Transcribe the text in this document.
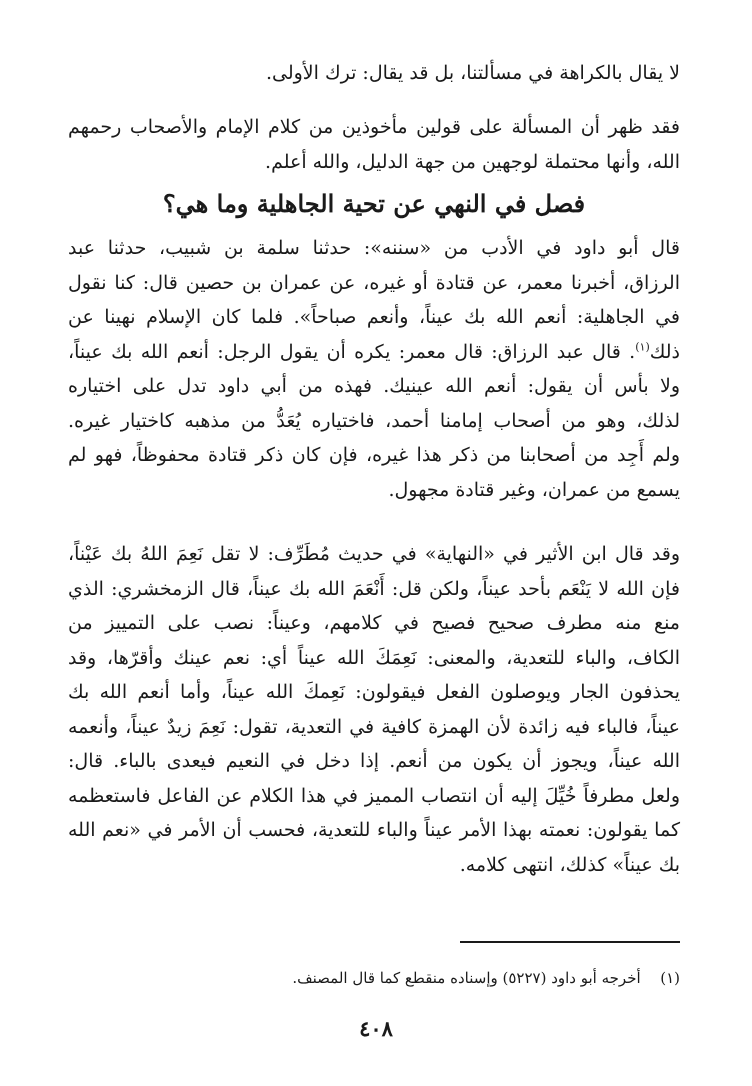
لا يقال بالكراهة في مسألتنا، بل قد يقال: ترك الأولى.

فقد ظهر أن المسألة على قولين مأخوذين من كلام الإمام والأصحاب رحمهم
الله، وأنها محتملة لوجهين من جهة الدليل، والله أعلم.

فصل في النهي عن تحية الجاهلية وما هي؟

قال أبو داود في الأدب من «سننه»: حدثنا سلمة بن شبيب، حدثنا عبد
الرزاق، أخبرنا معمر، عن قتادة أو غيره، عن عمران بن حصين قال: كنا نقول
في الجاهلية: أنعم الله بك عيناً، وأنعم صباحاً». فلما كان الإسلام نهينا عن
ذلك$^{(١)}$. قال عبد الرزاق: قال معمر: يكره أن يقول الرجل: أنعم الله بك عيناً،
ولا بأس أن يقول: أنعم الله عينيك. فهذه من أبي داود تدل على اختياره
لذلك، وهو من أصحاب إمامنا أحمد، فاختياره يُعَدُّ من مذهبه كاختيار غيره.
ولم أَجِد من أصحابنا من ذكر هذا غيره، فإن كان ذكر قتادة محفوظاً، فهو لم
يسمع من عمران، وغير قتادة مجهول.

وقد قال ابن الأثير في «النهاية» في حديث مُطَرِّف: لا تقل نَعِمَ اللهُ بك عَيْناً،
فإن الله لا يَنْعَم بأحد عيناً، ولكن قل: أَنْعَمَ الله بك عيناً، قال الزمخشري: الذي
منع منه مطرف صحيح فصيح في كلامهم، وعيناً: نصب على التمييز من
الكاف، والباء للتعدية، والمعنى: نَعِمَكَ الله عيناً أي: نعم عينك وأقرّها، وقد
يحذفون الجار ويوصلون الفعل فيقولون: نَعِمكَ الله عيناً، وأما أنعم الله بك
عيناً، فالباء فيه زائدة لأن الهمزة كافية في التعدية، تقول: نَعِمَ زيدٌ عيناً، وأنعمه
الله عيناً، ويجوز أن يكون من أنعم. إذا دخل في النعيم فيعدى بالباء. قال:
ولعل مطرفاً خُيِّلَ إليه أن انتصاب المميز في هذا الكلام عن الفاعل فاستعظمه
كما يقولون: نعمته بهذا الأمر عيناً والباء للتعدية، فحسب أن الأمر في «نعم الله
بك عيناً» كذلك، انتهى كلامه.

(١)  أخرجه أبو داود (٥٢٢٧) وإسناده منقطع كما قال المصنف.
٤٠٨
